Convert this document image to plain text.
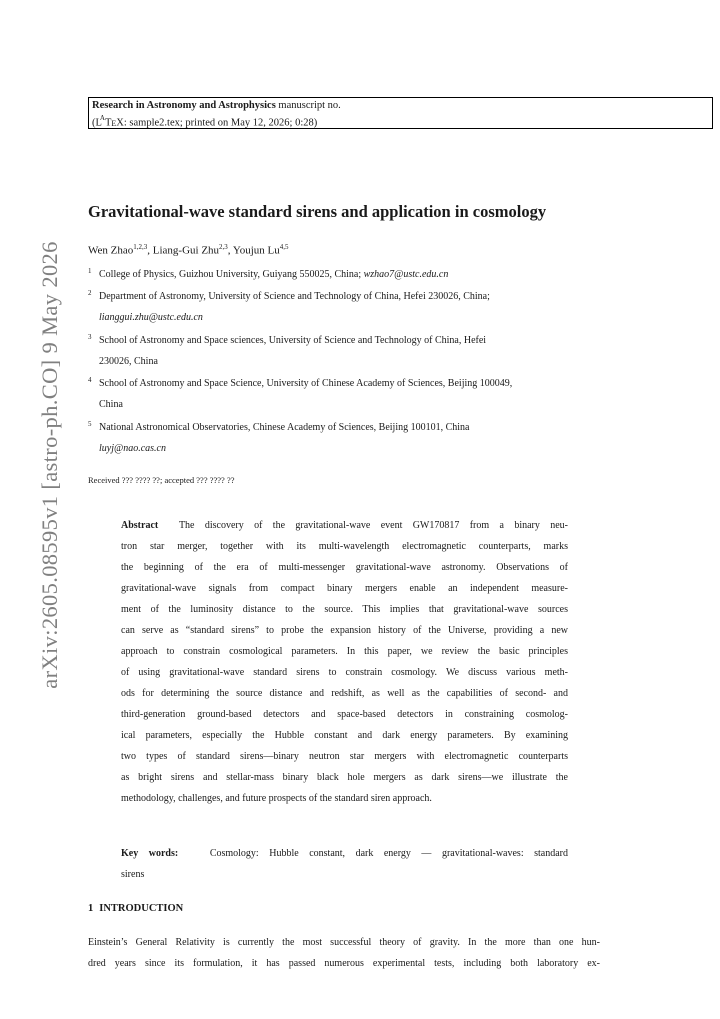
arXiv:2605.08595v1 [astro-ph.CO] 9 May 2026
Research in Astronomy and Astrophysics manuscript no.
($L^ATEX$: sample2.tex; printed on May 12, 2026; 0:28)
Gravitational-wave standard sirens and application in cosmology
Wen Zhao$^{1,2,3}$, Liang-Gui Zhu$^{2,3}$, Youjun Lu$^{4,5}$
$^1$ College of Physics, Guizhou University, Guiyang 550025, China; wzhao7@ustc.edu.cn
$^2$ Department of Astronomy, University of Science and Technology of China, Hefei 230026, China;
lianggui.zhu@ustc.edu.cn
$^3$ School of Astronomy and Space sciences, University of Science and Technology of China, Hefei
230026, China
$^4$ School of Astronomy and Space Science, University of Chinese Academy of Sciences, Beijing 100049,
China
$^5$ National Astronomical Observatories, Chinese Academy of Sciences, Beijing 100101, China
luyj@nao.cas.cn
Received ??? ???? ??; accepted ??? ???? ??
Abstract The discovery of the gravitational-wave event GW170817 from a binary neu-
tron star merger, together with its multi-wavelength electromagnetic counterparts, marks
the beginning of the era of multi-messenger gravitational-wave astronomy. Observations of
gravitational-wave signals from compact binary mergers enable an independent measure-
ment of the luminosity distance to the source. This implies that gravitational-wave sources
can serve as “standard sirens” to probe the expansion history of the Universe, providing a new
approach to constrain cosmological parameters. In this paper, we review the basic principles
of using gravitational-wave standard sirens to constrain cosmology. We discuss various meth-
ods for determining the source distance and redshift, as well as the capabilities of second- and
third-generation ground-based detectors and space-based detectors in constraining cosmolog-
ical parameters, especially the Hubble constant and dark energy parameters. By examining
two types of standard sirens—binary neutron star mergers with electromagnetic counterparts
as bright sirens and stellar-mass binary black hole mergers as dark sirens—we illustrate the
methodology, challenges, and future prospects of the standard siren approach.
Key words:	Cosmology: Hubble constant, dark energy — gravitational-waves: standard
sirens
1 INTRODUCTION
Einstein’s General Relativity is currently the most successful theory of gravity. In the more than one hun-
dred years since its formulation, it has passed numerous experimental tests, including both laboratory ex-
